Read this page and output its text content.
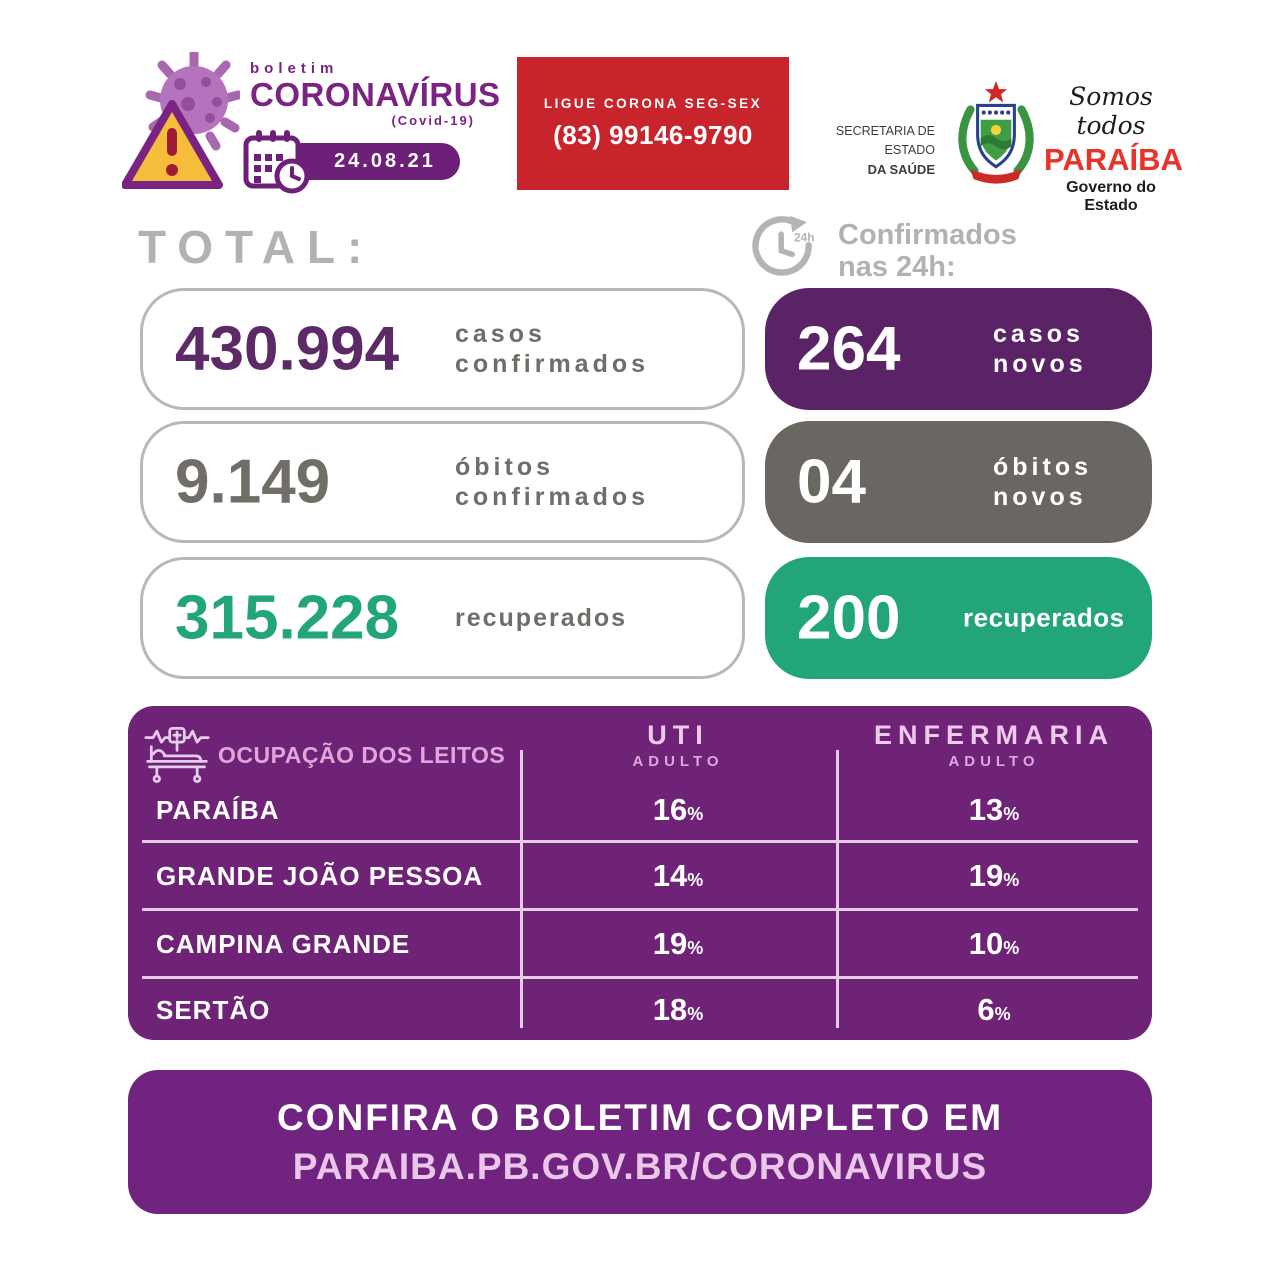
boletim
CORONAVÍRUS
(Covid-19)
24.08.21
LIGUE CORONA SEG-SEX
(83) 99146-9790	SECRETARIA DE ESTADO
DA SAÚDE
Somos todos
PARAÍBA
Governo do Estado
TOTAL:	24h Confirmados
nas 24h:
430.994 casos
confirmados
9.149	óbitos
confirmados
315.228 recuperados
264	casos
novos
04	óbitos
novos
200 recuperados
OCUPAÇÃO DOS LEITOS
UTI
ADULTO
ENFERMARIA
ADULTO
PARAÍBA	16%	13%
GRANDE JOÃO PESSOA	14%	19%
CAMPINA GRANDE	19%	10%
SERTÃO	18%	6%
CONFIRA O BOLETIM COMPLETO EM
PARAIBA.PB.GOV.BR/CORONAVIRUS
